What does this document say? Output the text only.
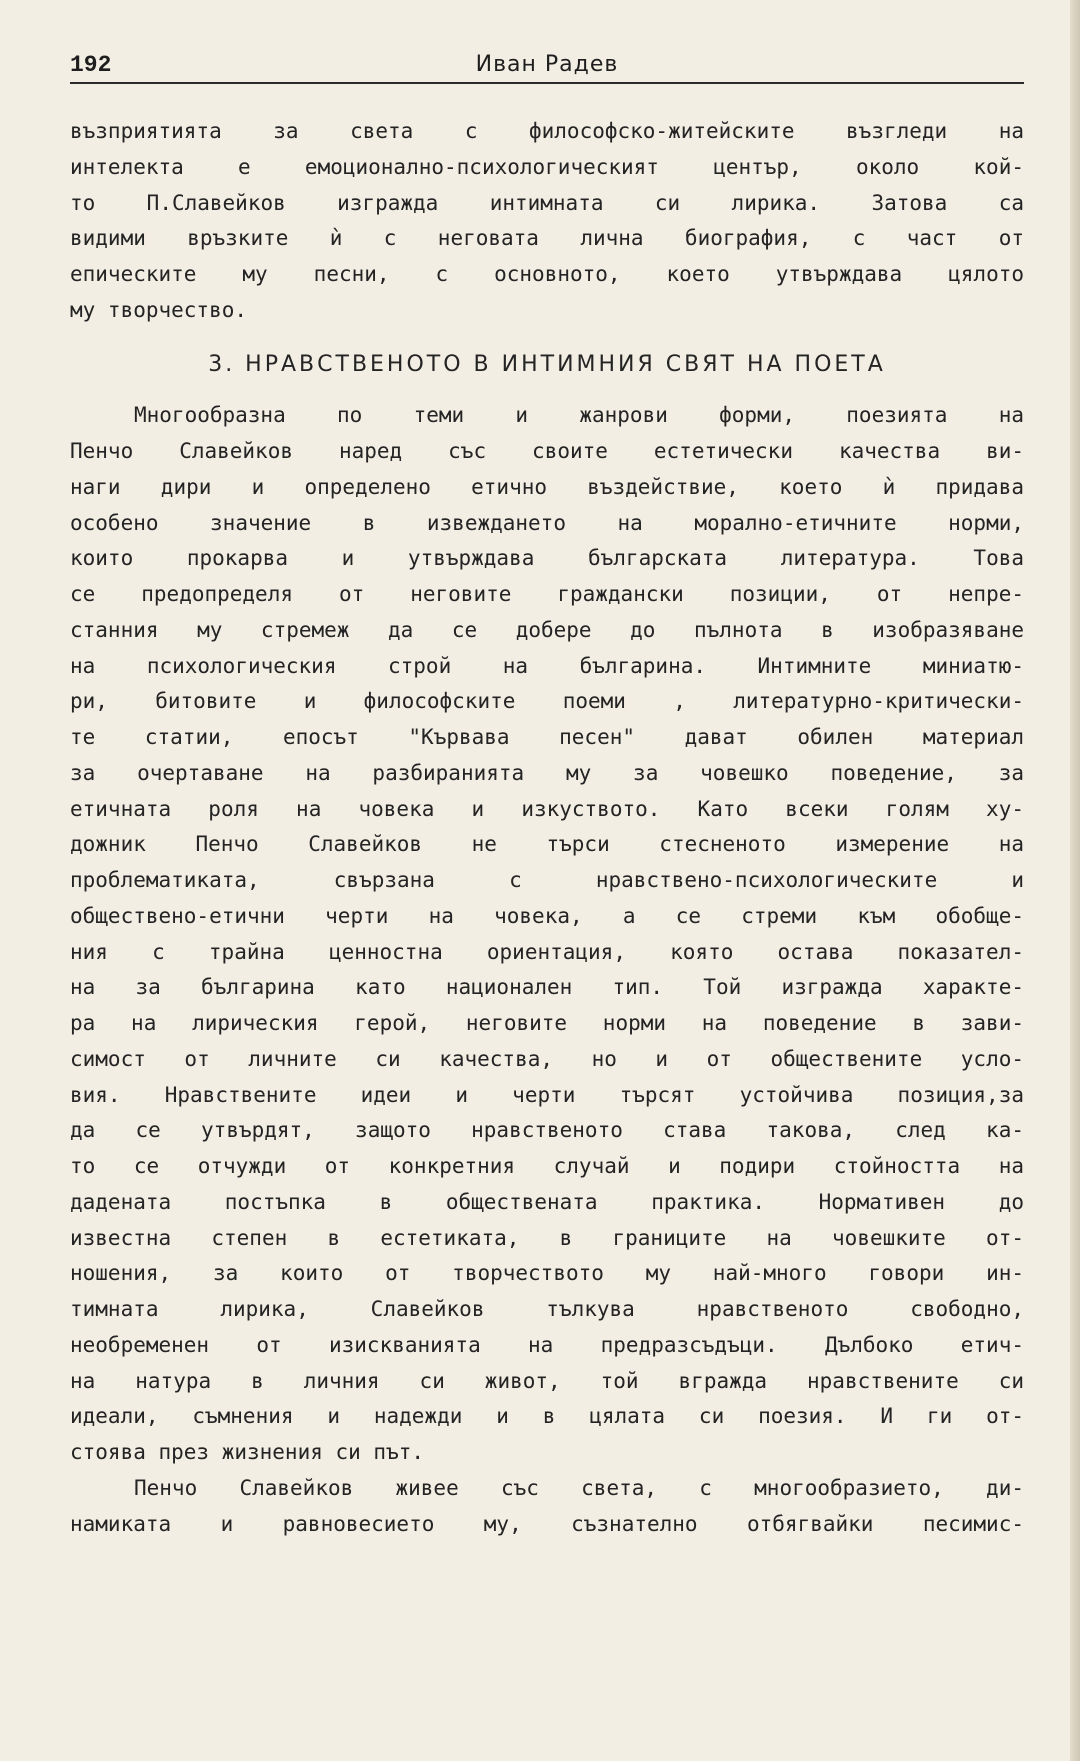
192	Иван Радев
възприятията за света с философско-житейските възгледи на
интелекта е емоционално-психологическият център, около кой-
то П.Славейков изгражда интимната си лирика. Затова са
видими връзките ѝ с неговата лична биография, с част от
епическите му песни, с основното, което утвърждава цялото
му творчество.
3. НРАВСТВЕНОТО В ИНТИМНИЯ СВЯТ НА ПОЕТА
Многообразна по теми и жанрови форми, поезията на
Пенчо Славейков наред със своите естетически качества ви-
наги дири и определено етично въздействие, което ѝ придава
особено значение в извеждането на морално-етичните норми,
които прокарва и утвърждава българската литература. Това
се предопределя от неговите граждански позиции, от непре-
станния му стремеж да се добере до пълнота в изобразяване
на психологическия строй на българина. Интимните миниатю-
ри, битовите и философските поеми , литературно-критически-
те статии, епосът "Кървава песен" дават обилен материал
за очертаване на разбиранията му за човешко поведение, за
етичната роля на човека и изкуството. Като всеки голям ху-
дожник Пенчо Славейков не търси стесненото измерение на
проблематиката, свързана с нравствено-психологическите и
обществено-етични черти на човека, а се стреми към обобще-
ния с трайна ценностна ориентация, която остава показател-
на за българина като национален тип. Той изгражда характе-
ра на лирическия герой, неговите норми на поведение в зави-
симост от личните си качества, но и от обществените усло-
вия. Нравствените идеи и черти търсят устойчива позиция,за
да се утвърдят, защото нравственото става такова, след ка-
то се отчужди от конкретния случай и подири стойността на
дадената постъпка в обществената практика. Нормативен до
известна степен в естетиката, в границите на човешките от-
ношения, за които от творчеството му най-много говори ин-
тимната лирика, Славейков тълкува нравственото свободно,
необременен от изискванията на предразсъдъци. Дълбоко етич-
на натура в личния си живот, той вгражда нравствените си
идеали, съмнения и надежди и в цялата си поезия. И ги от-
стоява през жизнения си път.
Пенчо Славейков живее със света, с многообразието, ди-
намиката и равновесието му, съзнателно отбягвайки песимис-
